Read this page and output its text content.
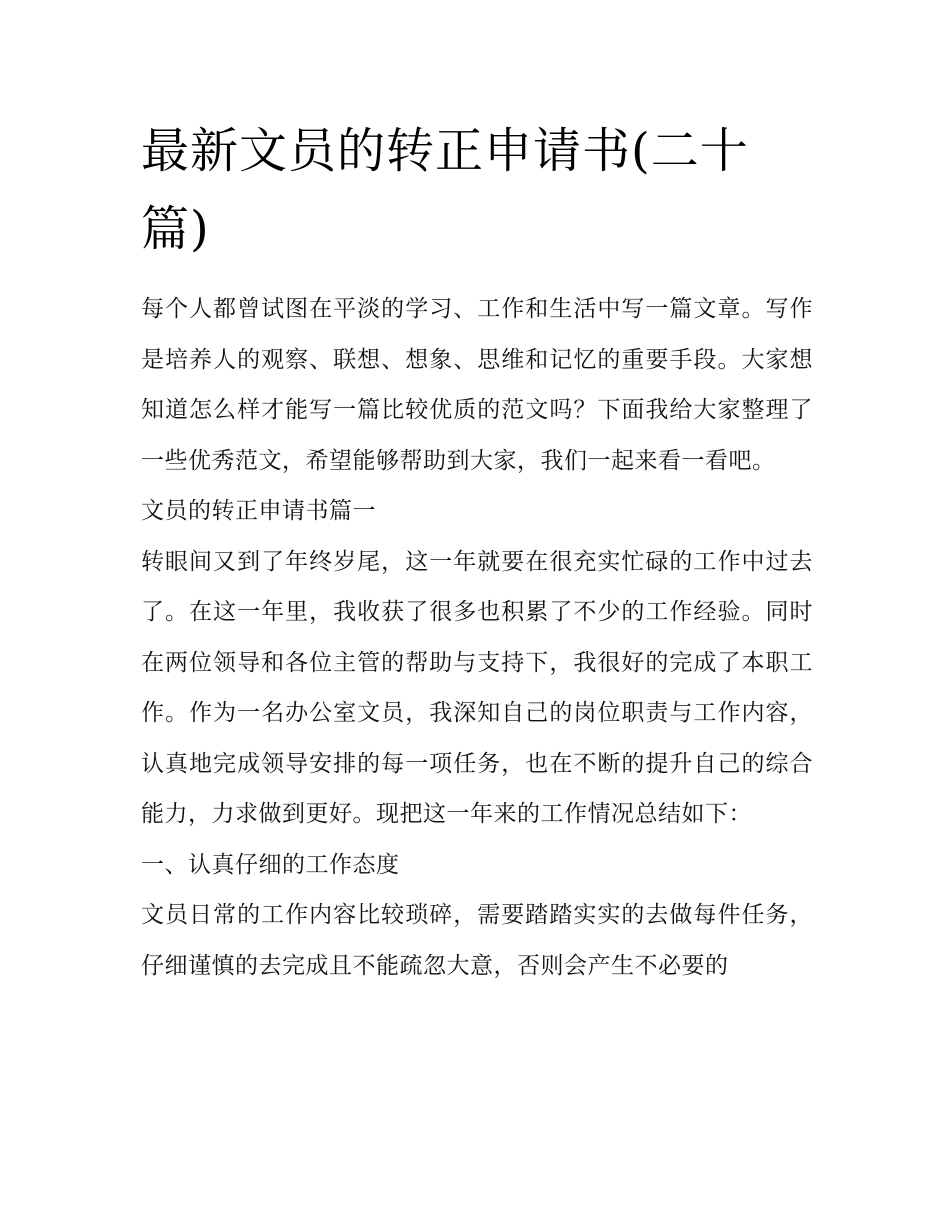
最新文员的转正申请书(二十篇)

每个人都曾试图在平淡的学习、工作和生活中写一篇文章。写作是培养人的观察、联想、想象、思维和记忆的重要手段。大家想知道怎么样才能写一篇比较优质的范文吗？下面我给大家整理了一些优秀范文，希望能够帮助到大家，我们一起来看一看吧。

文员的转正申请书篇一

转眼间又到了年终岁尾，这一年就要在很充实忙碌的工作中过去了。在这一年里，我收获了很多也积累了不少的工作经验。同时在两位领导和各位主管的帮助与支持下，我很好的完成了本职工作。作为一名办公室文员，我深知自己的岗位职责与工作内容，认真地完成领导安排的每一项任务，也在不断的提升自己的综合能力，力求做到更好。现把这一年来的工作情况总结如下：

一、认真仔细的工作态度

文员日常的工作内容比较琐碎，需要踏踏实实的去做每件任务，仔细谨慎的去完成且不能疏忽大意，否则会产生不必要的
